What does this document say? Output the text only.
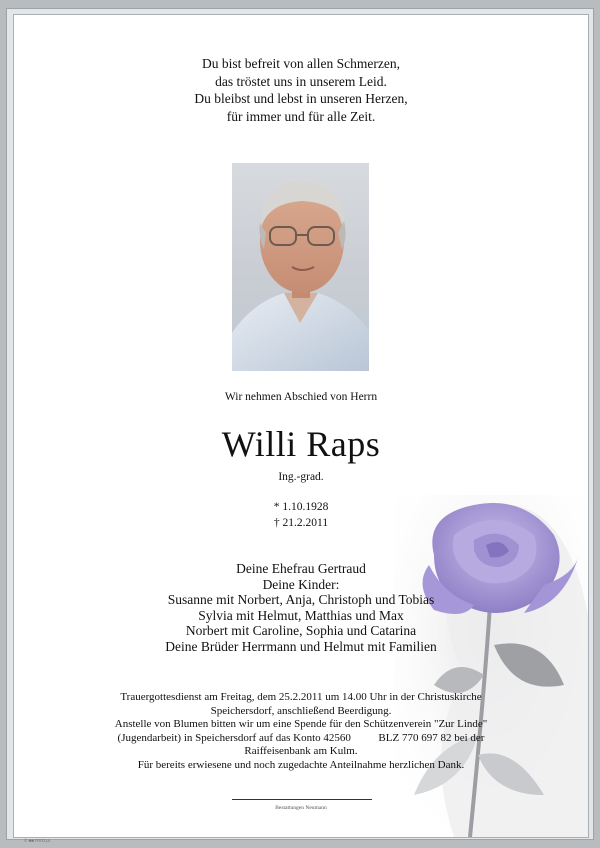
Du bist befreit von allen Schmerzen,
das tröstet uns in unserem Leid.
Du bleibst und lebst in unseren Herzen,
für immer und für alle Zeit.
Wir nehmen Abschied von Herrn
Willi Raps
Ing.-grad.
* 1.10.1928
† 21.2.2011
Deine Ehefrau Gertraud
Deine Kinder:
Susanne mit Norbert, Anja, Christoph und Tobias
Sylvia mit Helmut, Matthias und Max
Norbert mit Caroline, Sophia und Catarina
Deine Brüder Herrmann und Helmut mit Familien
Trauergottesdienst am Freitag, dem 25.2.2011 um 14.00 Uhr in der Christuskirche
Speichersdorf, anschließend Beerdigung.
Anstelle von Blumen bitten wir um eine Spende für den Schützenverein "Zur Linde"
(Jugendarbeit) in Speichersdorf auf das Konto 42560          BLZ 770 697 82 bei der
Raiffeisenbank am Kulm.
Für bereits erwiesene und noch zugedachte Anteilnahme herzlichen Dank.
Bestattungen Neumann
© ■■ RRD1a
